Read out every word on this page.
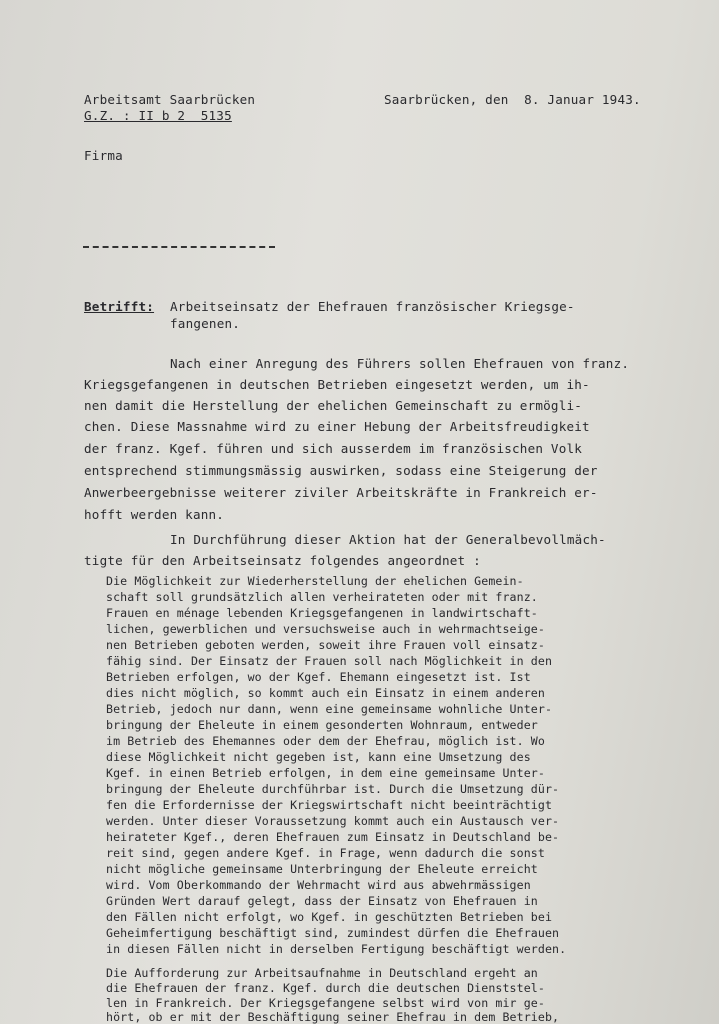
Arbeitsamt Saarbrücken
G.Z. : II b 2  5135
Saarbrücken, den  8. Januar 1943.
Firma
Betrifft: Arbeitseinsatz der Ehefrauen französischer Kriegsge-
fangenen.
Nach einer Anregung des Führers sollen Ehefrauen von franz.
Kriegsgefangenen in deutschen Betrieben eingesetzt werden, um ih-
nen damit die Herstellung der ehelichen Gemeinschaft zu ermögli-
chen. Diese Massnahme wird zu einer Hebung der Arbeitsfreudigkeit
der franz. Kgef. führen und sich ausserdem im französischen Volk
entsprechend stimmungsmässig auswirken, sodass eine Steigerung der
Anwerbeergebnisse weiterer ziviler Arbeitskräfte in Frankreich er-
hofft werden kann.
In Durchführung dieser Aktion hat der Generalbevollmäch-
tigte für den Arbeitseinsatz folgendes angeordnet :
Die Möglichkeit zur Wiederherstellung der ehelichen Gemein-
schaft soll grundsätzlich allen verheirateten oder mit franz.
Frauen en ménage lebenden Kriegsgefangenen in landwirtschaft-
lichen, gewerblichen und versuchsweise auch in wehrmachtseige-
nen Betrieben geboten werden, soweit ihre Frauen voll einsatz-
fähig sind. Der Einsatz der Frauen soll nach Möglichkeit in den
Betrieben erfolgen, wo der Kgef. Ehemann eingesetzt ist. Ist
dies nicht möglich, so kommt auch ein Einsatz in einem anderen
Betrieb, jedoch nur dann, wenn eine gemeinsame wohnliche Unter-
bringung der Eheleute in einem gesonderten Wohnraum, entweder
im Betrieb des Ehemannes oder dem der Ehefrau, möglich ist. Wo
diese Möglichkeit nicht gegeben ist, kann eine Umsetzung des
Kgef. in einen Betrieb erfolgen, in dem eine gemeinsame Unter-
bringung der Eheleute durchführbar ist. Durch die Umsetzung dür-
fen die Erfordernisse der Kriegswirtschaft nicht beeinträchtigt
werden. Unter dieser Voraussetzung kommt auch ein Austausch ver-
heirateter Kgef., deren Ehefrauen zum Einsatz in Deutschland be-
reit sind, gegen andere Kgef. in Frage, wenn dadurch die sonst
nicht mögliche gemeinsame Unterbringung der Eheleute erreicht
wird. Vom Oberkommando der Wehrmacht wird aus abwehrmässigen
Gründen Wert darauf gelegt, dass der Einsatz von Ehefrauen in
den Fällen nicht erfolgt, wo Kgef. in geschützten Betrieben bei
Geheimfertigung beschäftigt sind, zumindest dürfen die Ehefrauen
in diesen Fällen nicht in derselben Fertigung beschäftigt werden.
Die Aufforderung zur Arbeitsaufnahme in Deutschland ergeht an
die Ehefrauen der franz. Kgef. durch die deutschen Dienststel-
len in Frankreich. Der Kriegsgefangene selbst wird von mir ge-
hört, ob er mit der Beschäftigung seiner Ehefrau in dem Betrieb,
